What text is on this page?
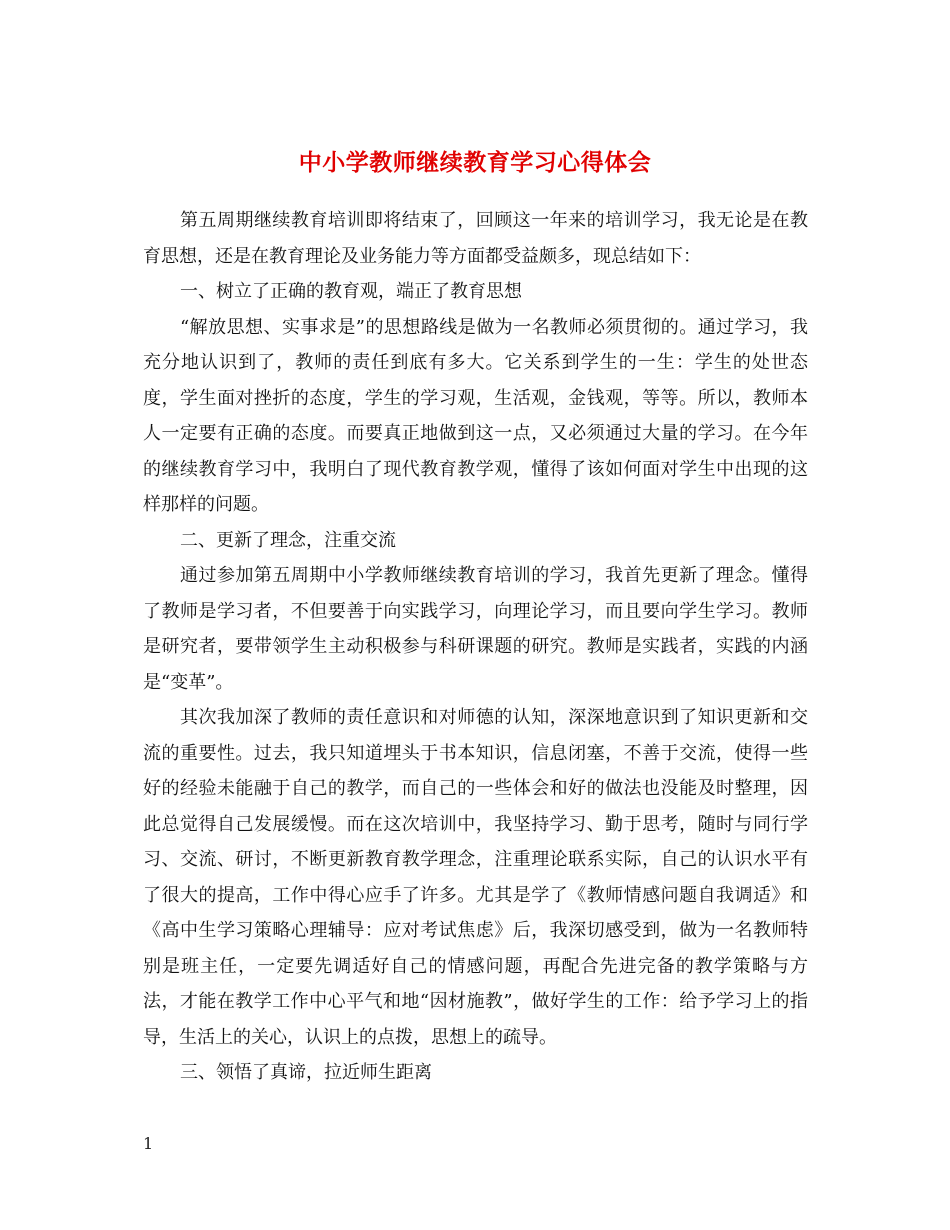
中小学教师继续教育学习心得体会

第五周期继续教育培训即将结束了，回顾这一年来的培训学习，我无论是在教育思想，还是在教育理论及业务能力等方面都受益颇多，现总结如下：

一、树立了正确的教育观，端正了教育思想

“解放思想、实事求是”的思想路线是做为一名教师必须贯彻的。通过学习，我充分地认识到了，教师的责任到底有多大。它关系到学生的一生：学生的处世态度，学生面对挫折的态度，学生的学习观，生活观，金钱观，等等。所以，教师本人一定要有正确的态度。而要真正地做到这一点，又必须通过大量的学习。在今年的继续教育学习中，我明白了现代教育教学观，懂得了该如何面对学生中出现的这样那样的问题。

二、更新了理念，注重交流

通过参加第五周期中小学教师继续教育培训的学习，我首先更新了理念。懂得了教师是学习者，不但要善于向实践学习，向理论学习，而且要向学生学习。教师是研究者，要带领学生主动积极参与科研课题的研究。教师是实践者，实践的内涵是“变革”。

其次我加深了教师的责任意识和对师德的认知，深深地意识到了知识更新和交流的重要性。过去，我只知道埋头于书本知识，信息闭塞，不善于交流，使得一些好的经验未能融于自己的教学，而自己的一些体会和好的做法也没能及时整理，因此总觉得自己发展缓慢。而在这次培训中，我坚持学习、勤于思考，随时与同行学习、交流、研讨，不断更新教育教学理念，注重理论联系实际，自己的认识水平有了很大的提高，工作中得心应手了许多。尤其是学了《教师情感问题自我调适》和《高中生学习策略心理辅导：应对考试焦虑》后，我深切感受到，做为一名教师特别是班主任，一定要先调适好自己的情感问题，再配合先进完备的教学策略与方法，才能在教学工作中心平气和地“因材施教”，做好学生的工作：给予学习上的指导，生活上的关心，认识上的点拨，思想上的疏导。

三、领悟了真谛，拉近师生距离

1
